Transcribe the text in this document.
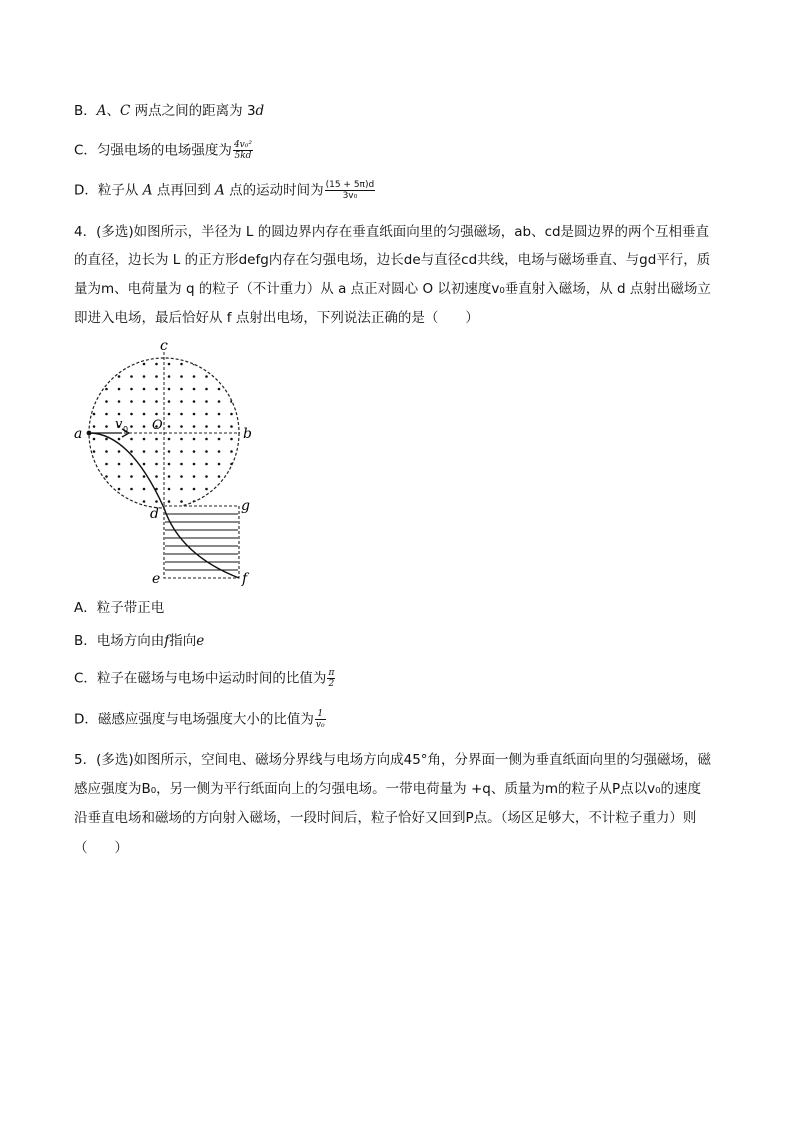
B．A、C 两点之间的距离为 3d
C．匀强电场的电场强度为 $\frac{\text{4v₀²}}{5kd}$
D．粒子从 A 点再回到 A 点的运动时间为 $\frac{(15 + 5\pi)d}{\text{3v₀}}$
4．(多选)如图所示，半径为 L 的圆边界内存在垂直纸面向里的匀强磁场，ab、cd是圆边界的两个互相垂直
的直径，边长为 L 的正方形defg内存在匀强电场，边长de与直径cd共线，电场与磁场垂直、与gd平行，质
量为m、电荷量为 q 的粒子（不计重力）从 a 点正对圆心 O 以初速度v₀垂直射入磁场，从 d 点射出磁场立
即进入电场，最后恰好从 f 点射出电场，下列说法正确的是（　　）
c
a	b
O
v 0
d	g
e	f
A．粒子带正电
B．电场方向由f指向e
C．粒子在磁场与电场中运动时间的比值为 $\frac{\pi}{2}$
D．磁感应强度与电场强度大小的比值为 $\frac{1}{\text{v₀}}$
5．(多选)如图所示，空间电、磁场分界线与电场方向成45°角，分界面一侧为垂直纸面向里的匀强磁场，磁
感应强度为B₀，另一侧为平行纸面向上的匀强电场。一带电荷量为 +q、质量为m的粒子从P点以v₀的速度
沿垂直电场和磁场的方向射入磁场，一段时间后，粒子恰好又回到P点。（场区足够大，不计粒子重力）则
（　　）
